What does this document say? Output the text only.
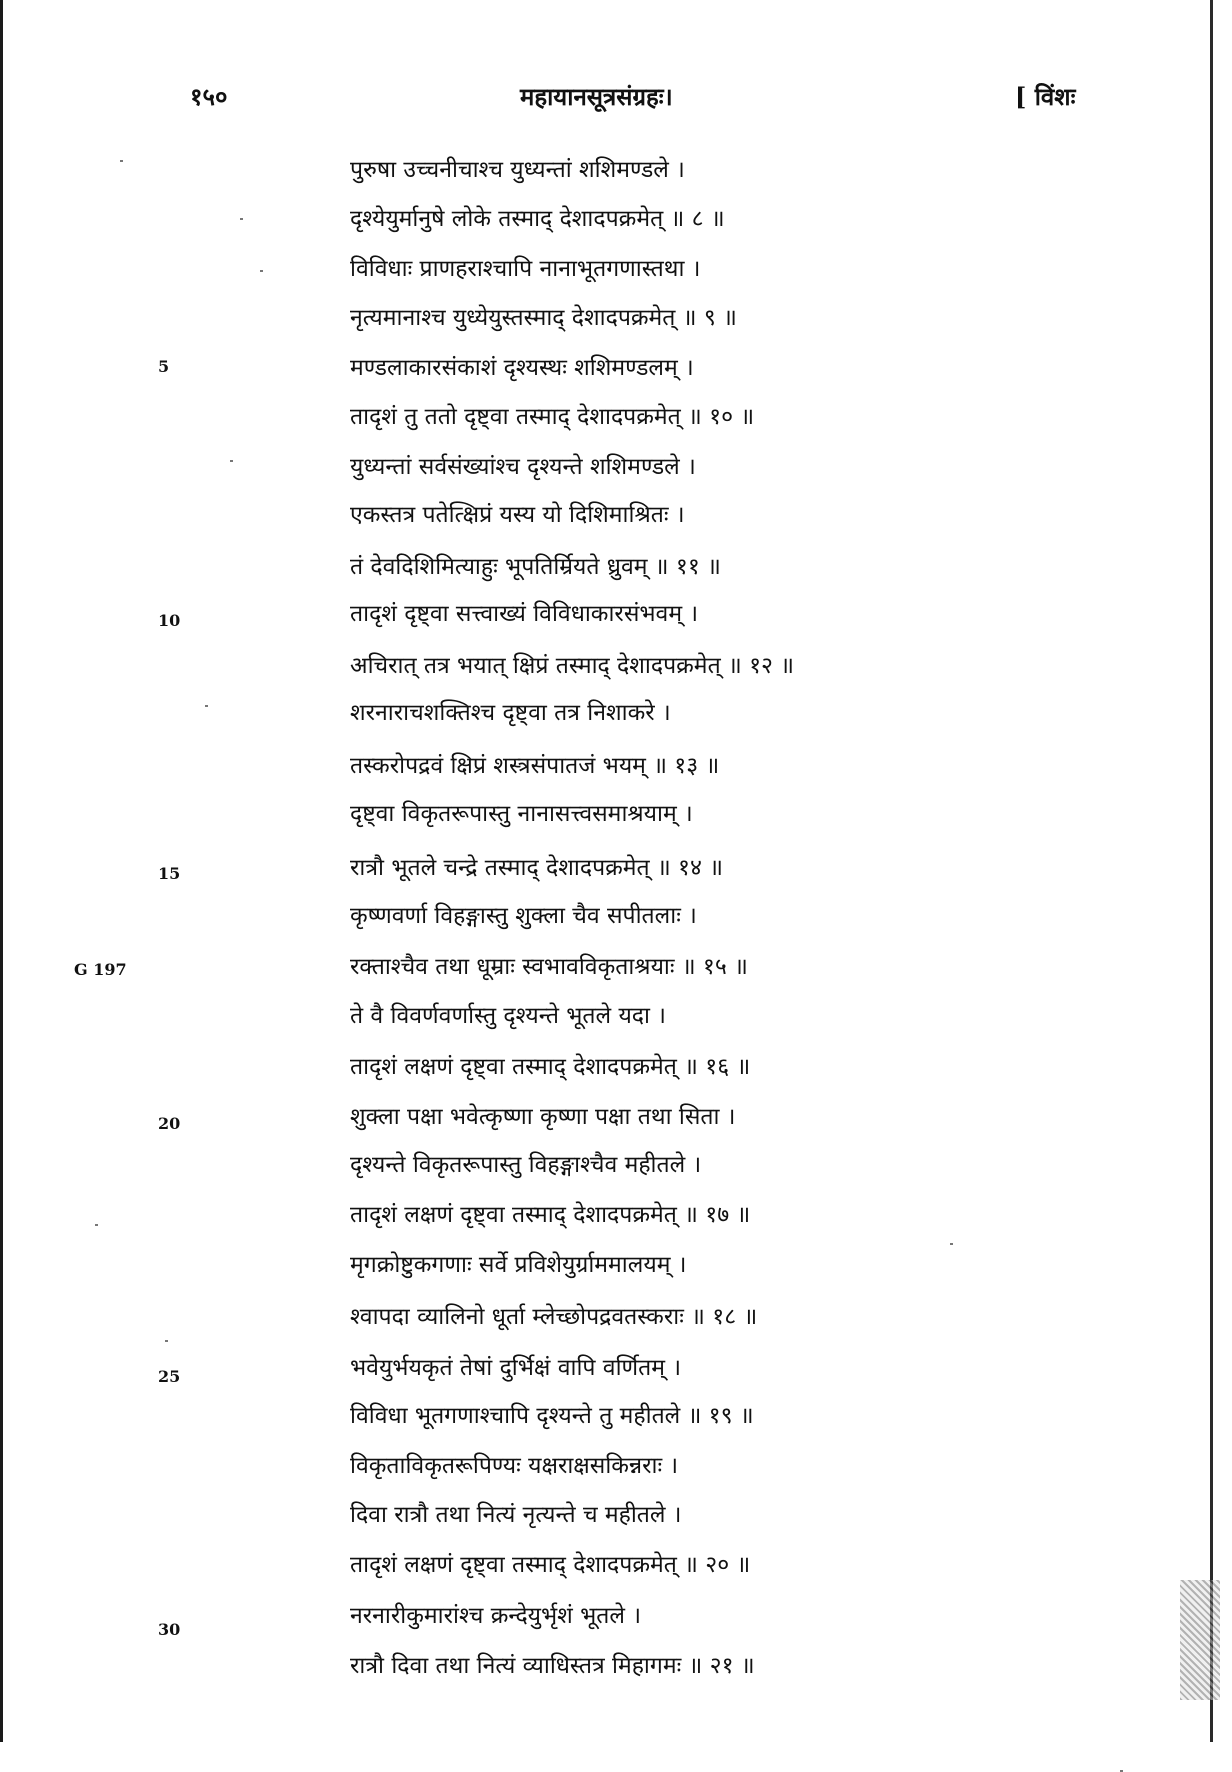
१५०	महायानसूत्रसंग्रहः।	[ विंशः
5
10
15
20
25
30
G 197
पुरुषा उच्चनीचाश्च युध्यन्तां शशिमण्डले ।
दृश्येयुर्मानुषे लोके तस्माद् देशादपक्रमेत् ॥ ८ ॥
विविधाः प्राणहराश्चापि नानाभूतगणास्तथा ।
नृत्यमानाश्च युध्येयुस्तस्माद् देशादपक्रमेत् ॥ ९ ॥
मण्डलाकारसंकाशं दृश्यस्थः शशिमण्डलम् ।
तादृशं तु ततो दृष्ट्वा तस्माद् देशादपक्रमेत् ॥ १० ॥
युध्यन्तां सर्वसंख्यांश्च दृश्यन्ते शशिमण्डले ।
एकस्तत्र पतेत्क्षिप्रं यस्य यो दिशिमाश्रितः ।
तं देवदिशिमित्याहुः भूपतिर्म्रियते ध्रुवम् ॥ ११ ॥
तादृशं दृष्ट्वा सत्त्वाख्यं विविधाकारसंभवम् ।
अचिरात् तत्र भयात् क्षिप्रं तस्माद् देशादपक्रमेत् ॥ १२ ॥
शरनाराचशक्तिश्च दृष्ट्वा तत्र निशाकरे ।
तस्करोपद्रवं क्षिप्रं शस्त्रसंपातजं भयम् ॥ १३ ॥
दृष्ट्वा विकृतरूपास्तु नानासत्त्वसमाश्रयाम् ।
रात्रौ भूतले चन्द्रे तस्माद् देशादपक्रमेत् ॥ १४ ॥
कृष्णवर्णा विहङ्गास्तु शुक्ला चैव सपीतलाः ।
रक्ताश्चैव तथा धूम्राः स्वभावविकृताश्रयाः ॥ १५ ॥
ते वै विवर्णवर्णास्तु दृश्यन्ते भूतले यदा ।
तादृशं लक्षणं दृष्ट्वा तस्माद् देशादपक्रमेत् ॥ १६ ॥
शुक्ला पक्षा भवेत्कृष्णा कृष्णा पक्षा तथा सिता ।
दृश्यन्ते विकृतरूपास्तु विहङ्गाश्चैव महीतले ।
तादृशं लक्षणं दृष्ट्वा तस्माद् देशादपक्रमेत् ॥ १७ ॥
मृगक्रोष्टुकगणाः सर्वे प्रविशेयुर्ग्राममालयम् ।
श्वापदा व्यालिनो धूर्ता म्लेच्छोपद्रवतस्कराः ॥ १८ ॥
भवेयुर्भयकृतं तेषां दुर्भिक्षं वापि वर्णितम् ।
विविधा भूतगणाश्चापि दृश्यन्ते तु महीतले ॥ १९ ॥
विकृताविकृतरूपिण्यः यक्षराक्षसकिन्नराः ।
दिवा रात्रौ तथा नित्यं नृत्यन्ते च महीतले ।
तादृशं लक्षणं दृष्ट्वा तस्माद् देशादपक्रमेत् ॥ २० ॥
नरनारीकुमारांश्च क्रन्देयुर्भृशं भूतले ।
रात्रौ दिवा तथा नित्यं व्याधिस्तत्र मिहागमः ॥ २१ ॥
